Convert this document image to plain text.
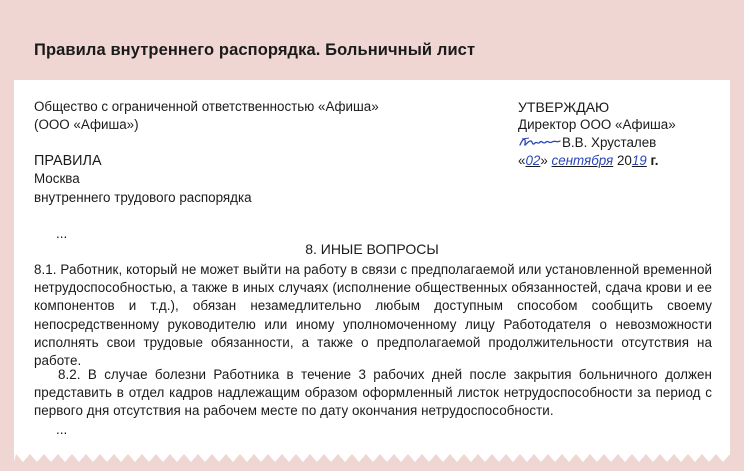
Правила внутреннего распорядка. Больничный лист
Общество с ограниченной ответственностью «Афиша»
(ООО «Афиша»)
ПРАВИЛА
Москва
внутреннего трудового распорядка
УТВЕРЖДАЮ
Директор ООО «Афиша»
В.В. Хрусталев
«02» сентября 2019 г.
...
8. ИНЫЕ ВОПРОСЫ
8.1. Работник, который не может выйти на работу в связи с предполагаемой или установленной временной нетрудоспособностью, а также в иных случаях (исполнение общественных обязанностей, сдача крови и ее компонентов и т.д.), обязан незамедлительно любым доступным способом сообщить своему непосредственному руководителю или иному уполномоченному лицу Работодателя о невозможности исполнять свои трудовые обязанности, а также о предполагаемой продолжительности отсутствия на работе.
8.2. В случае болезни Работника в течение 3 рабочих дней после закрытия больничного должен представить в отдел кадров надлежащим образом оформленный листок нетрудоспособности за период с первого дня отсутствия на рабочем месте по дату окончания нетрудоспособности.
...
